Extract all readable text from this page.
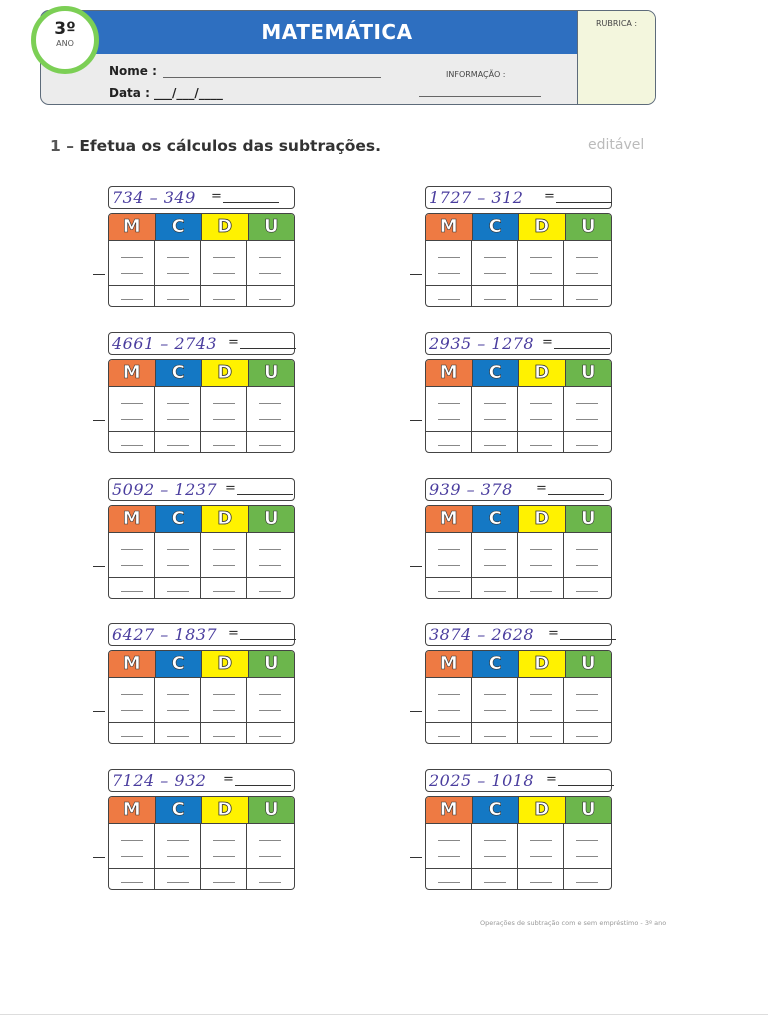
MATEMÁTICA	RUBRICA :
Nome :
Data : ___/___/____
INFORMAÇÃO :
3º
ANO
1 – Efetua os cálculos das subtrações.	editável
734 – 349 =
M	C	D	U
1727 – 312 =
M	C	D	U
4661 – 2743 =
M	C	D	U
2935 – 1278 =
M	C	D	U
5092 – 1237 =
M	C	D	U
939 – 378 =
M	C	D	U
6427 – 1837 =
M	C	D	U
3874 – 2628 =
M	C	D	U
7124 – 932 =
M	C	D	U
2025 – 1018 =
M	C	D	U
Operações de subtração com e sem empréstimo - 3º ano
